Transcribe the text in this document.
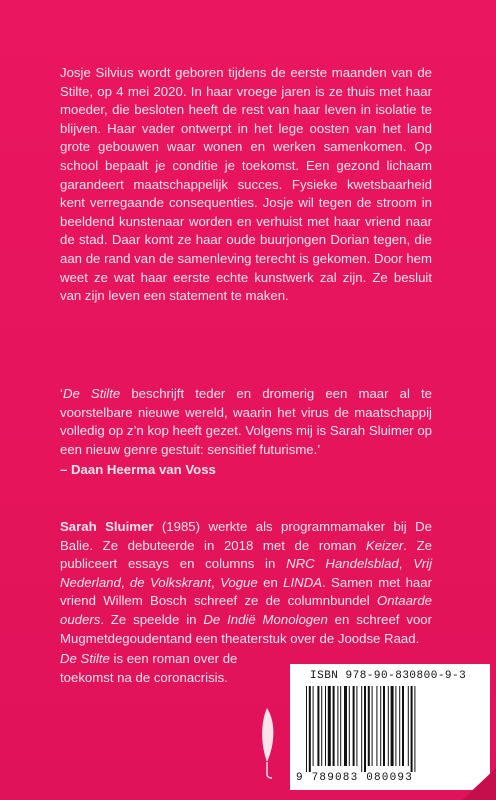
Josje Silvius wordt geboren tijdens de eerste maanden van de Stilte, op 4 mei 2020. In haar vroege jaren is ze thuis met haar moeder, die besloten heeft de rest van haar leven in isolatie te blijven. Haar vader ontwerpt in het lege oosten van het land grote gebouwen waar wonen en werken samenkomen. Op school bepaalt je conditie je toekomst. Een gezond lichaam garandeert maatschappelijk succes. Fysieke kwetsbaarheid kent verregaande consequenties. Josje wil tegen de stroom in beeldend kunstenaar worden en verhuist met haar vriend naar de stad. Daar komt ze haar oude buurjongen Dorian tegen, die aan de rand van de samenleving terecht is gekomen. Door hem weet ze wat haar eerste echte kunstwerk zal zijn. Ze besluit van zijn leven een statement te maken.
‘De Stilte beschrijft teder en dromerig een maar al te voorstelbare nieuwe wereld, waarin het virus de maatschappij volledig op z’n kop heeft gezet. Volgens mij is Sarah Sluimer op een nieuw genre gestuit: sensitief futurisme.’
– Daan Heerma van Voss
Sarah Sluimer (1985) werkte als programmamaker bij De Balie. Ze debuteerde in 2018 met de roman Keizer. Ze publiceert essays en columns in NRC Handelsblad, Vrij Nederland, de Volkskrant, Vogue en LINDA. Samen met haar vriend Willem Bosch schreef ze de columnbundel Ontaarde ouders. Ze speelde in De Indië Monologen en schreef voor Mugmetdegoudentand een theaterstuk over de Joodse Raad.
De Stilte is een roman over de toekomst na de coronacrisis.	ISBN 978-90-830800-9-3
9 789083 080093
